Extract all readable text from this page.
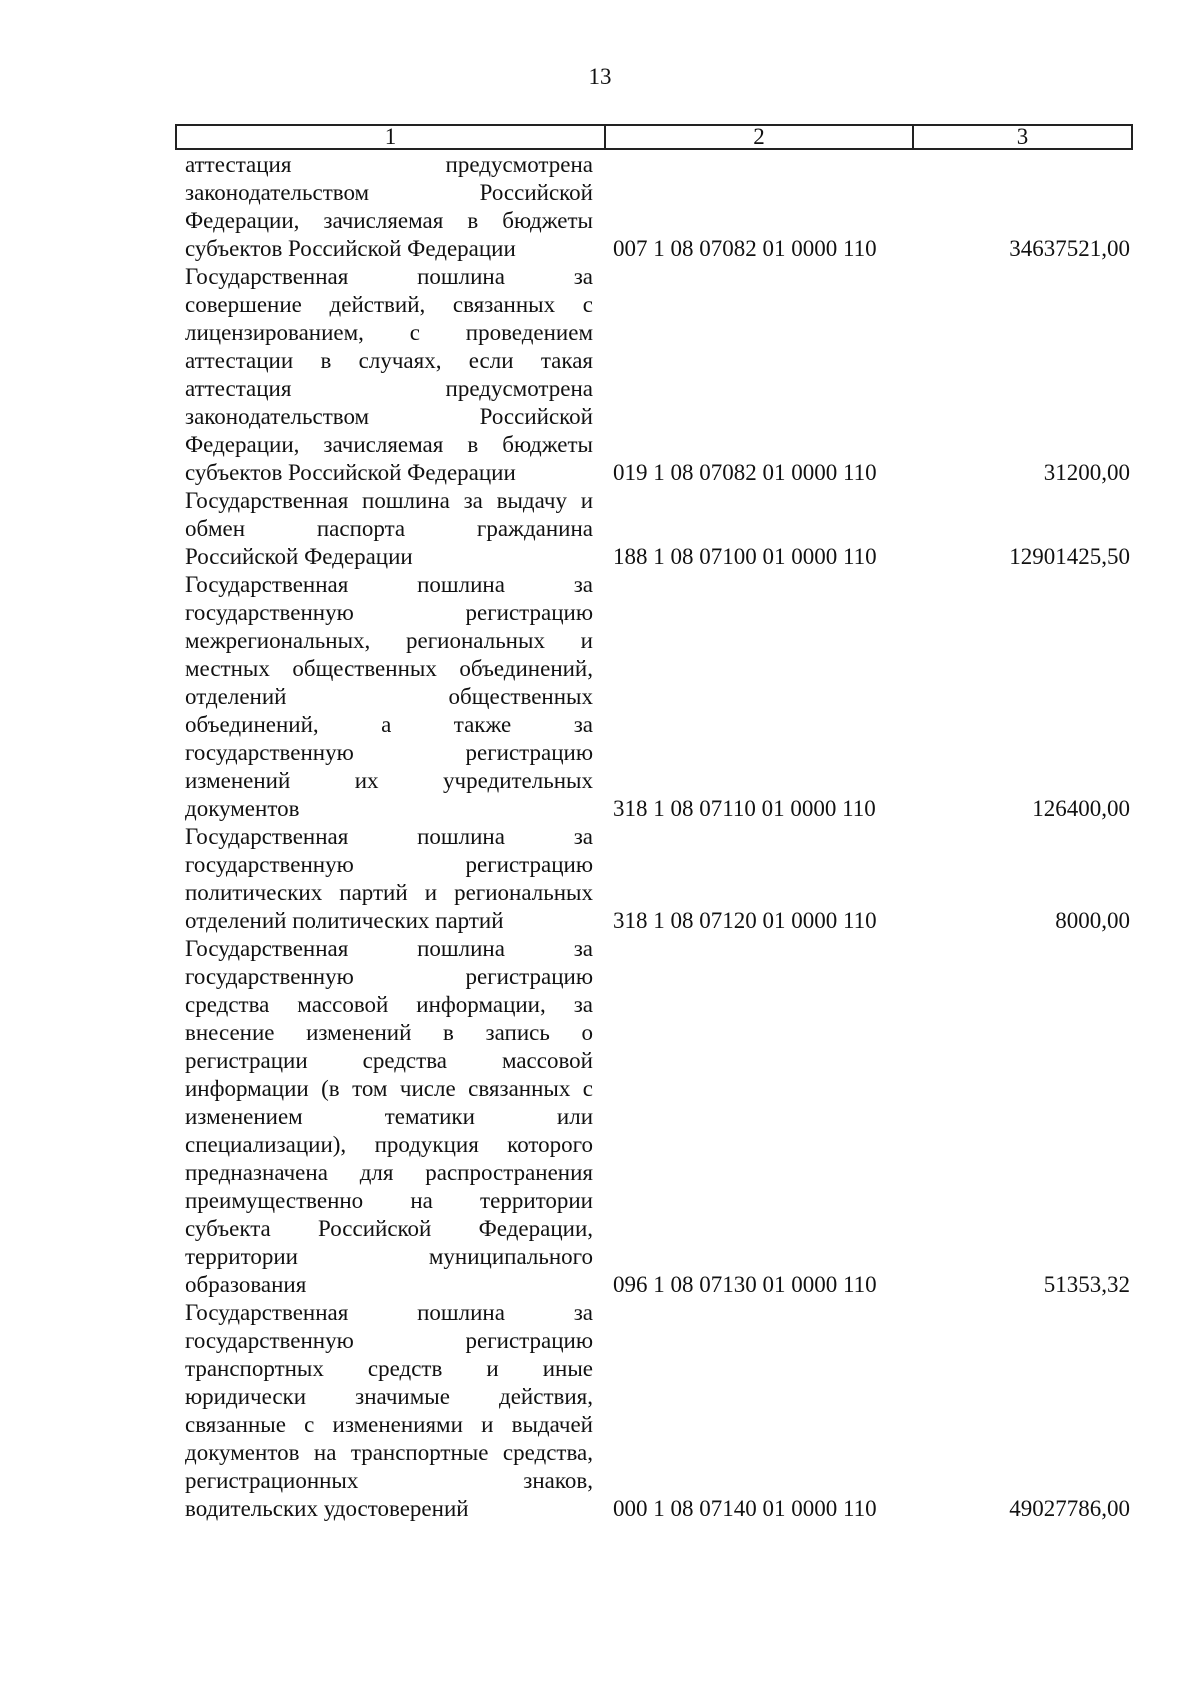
13
1	2	3
аттестация предусмотрена
законодательством Российской
Федерации, зачисляемая в бюджеты
субъектов Российской Федерации	007 1 08 07082 01 0000 110	34637521,00
Государственная пошлина за
совершение действий, связанных с
лицензированием, с проведением
аттестации в случаях, если такая
аттестация предусмотрена
законодательством Российской
Федерации, зачисляемая в бюджеты
субъектов Российской Федерации	019 1 08 07082 01 0000 110	31200,00
Государственная пошлина за выдачу и
обмен паспорта гражданина
Российской Федерации	188 1 08 07100 01 0000 110	12901425,50
Государственная пошлина за
государственную регистрацию
межрегиональных, региональных и
местных общественных объединений,
отделений общественных
объединений, а также за
государственную регистрацию
изменений их учредительных
документов	318 1 08 07110 01 0000 110	126400,00
Государственная пошлина за
государственную регистрацию
политических партий и региональных
отделений политических партий	318 1 08 07120 01 0000 110	8000,00
Государственная пошлина за
государственную регистрацию
средства массовой информации, за
внесение изменений в запись о
регистрации средства массовой
информации (в том числе связанных с
изменением тематики или
специализации), продукция которого
предназначена для распространения
преимущественно на территории
субъекта Российской Федерации,
территории муниципального
образования	096 1 08 07130 01 0000 110	51353,32
Государственная пошлина за
государственную регистрацию
транспортных средств и иные
юридически значимые действия,
связанные с изменениями и выдачей
документов на транспортные средства,
регистрационных знаков,
водительских удостоверений	000 1 08 07140 01 0000 110	49027786,00
